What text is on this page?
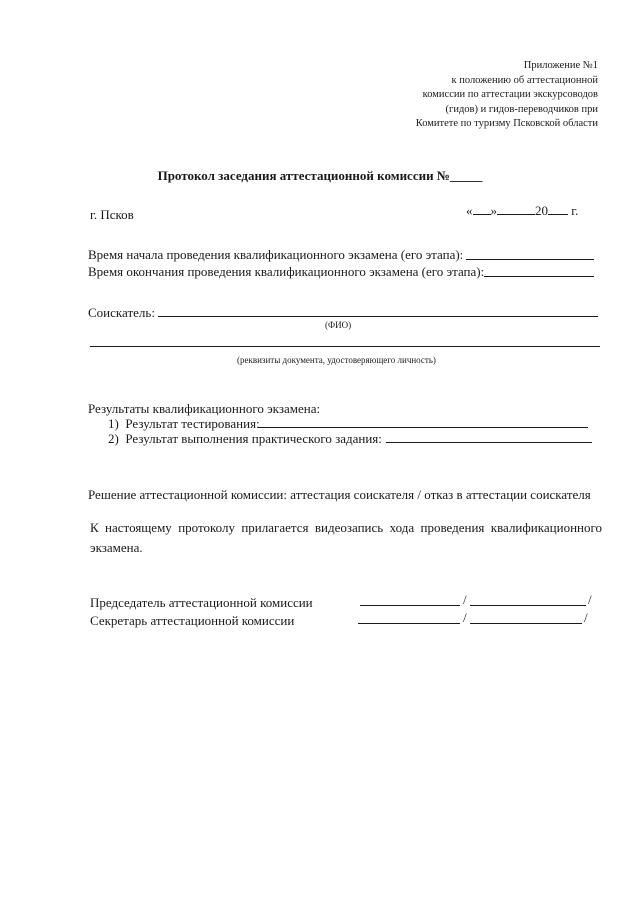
Приложение №1
к положению об аттестационной
комиссии по аттестации экскурсоводов
(гидов) и гидов-переводчиков при
Комитете по туризму Псковской области
Протокол заседания аттестационной комиссии №_____
г. Псков	« »	20 г.
Время начала проведения квалификационного экзамена (его этапа):
Время окончания проведения квалификационного экзамена (его этапа):
Соискатель:
(ФИО)
(реквизиты документа, удостоверяющего личность)
Результаты квалификационного экзамена:
1) Результат тестирования:
2) Результат выполнения практического задания:
Решение аттестационной комиссии: аттестация соискателя / отказ в аттестации соискателя
К настоящему протоколу прилагается видеозапись хода проведения квалификационного экзамена.
Председатель аттестационной комиссии	/	/
Секретарь аттестационной комиссии	/	/
